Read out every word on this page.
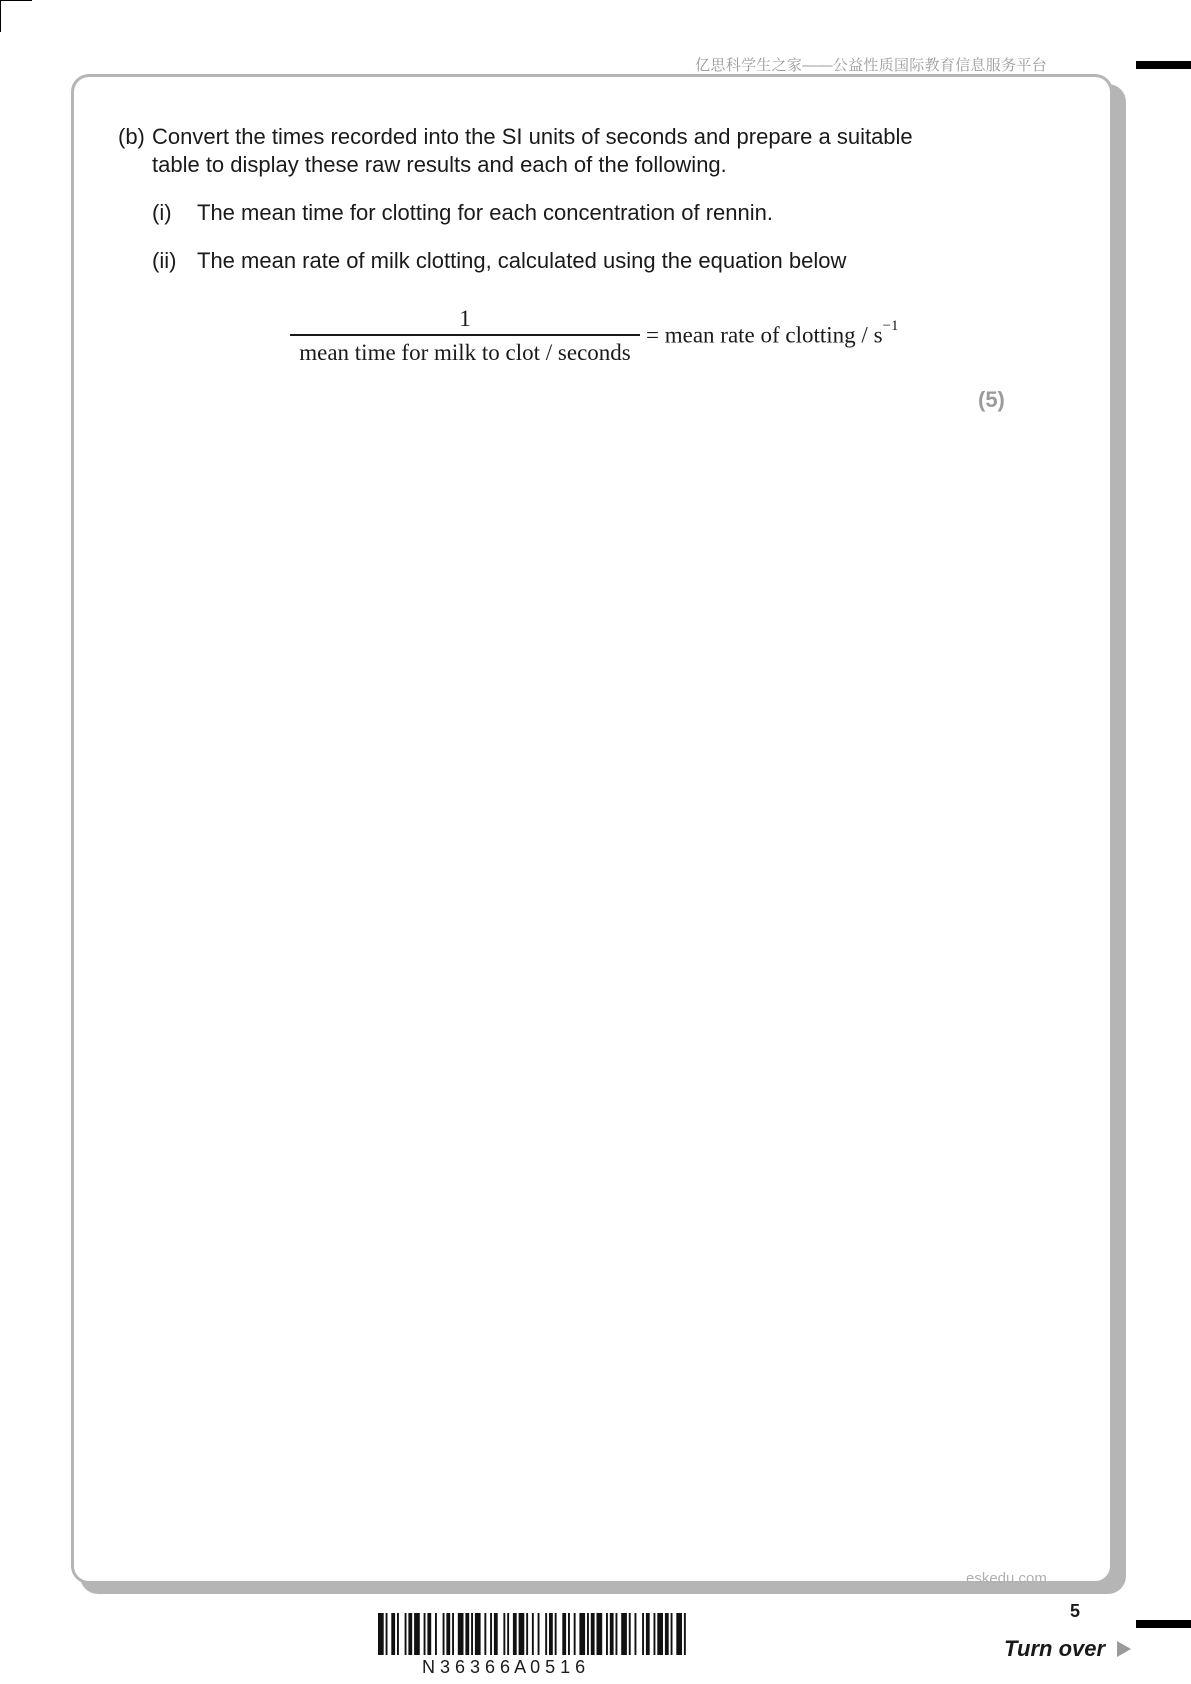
亿思科学生之家——公益性质国际教育信息服务平台
(b) Convert the times recorded into the SI units of seconds and prepare a suitable table to display these raw results and each of the following.
(i) The mean time for clotting for each concentration of rennin.
(ii) The mean rate of milk clotting, calculated using the equation below
$\frac{1}{\text{mean time for milk to clot / seconds}}$ = mean rate of clotting / $s^{-1}$
(5)
eskedu.com
5
Turn over
N 3 6 3 6 6 A 0 5 1 6
